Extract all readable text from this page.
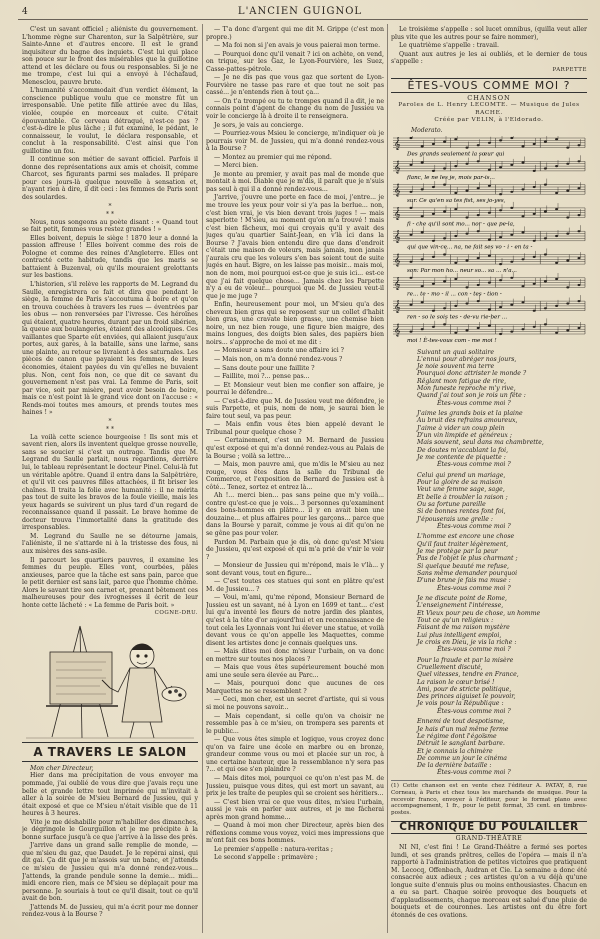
4	L'ANCIEN GUIGNOL

C'est un savant officiel ; aliéniste du gouvernement. L'homme règne sur Charenton, sur la Salpêtrière, sur Sainte-Anne et d'autres encore. Il est le grand inquisiteur du bagne des inquiets. C'est lui qui place son pouce sur le front des misérables que la guillotine attend et les déclare ou fous ou responsables. Si je ne me trompe, c'est lui qui a envoyé à l'échafaud, Menesclou, pauvre brute.

L'humanité s'accommodait d'un verdict élément, la conscience publique voulu que ce monstre fût un irresponsable. Une petite fille attirée avec du lilas, violée, coupée en morceaux et cuite. C'était épouvantable. Ce cerveau détraqué, n'est-ce pas ? c'est-à-dire le plus lâche ; il fut examiné, le pédant, le connaisseur, le voulut, le déclara responsable, et conclut à la responsabilité. C'est ainsi que l'on guillotine un fou.

Il continue son métier de savant officiel. Parfois il donne des représentations aux amis et choisit, comme Charcot, ses figurants parmi ses malades. Il prépare pour ces jours-là quelque nouvelle à sensation et, n'ayant rien à dire, il dit ceci : les femmes de Paris sont des soulardes.

*
* *

Nous, nous songeons au poète disant : « Quand tout se fait petit, femmes vous restez grandes ! »

Elles boivent, depuis le siège ! 1870 leur a donné la passion affreuse ! Elles boivent comme des rois de Pologne et comme des reines d'Angleterre. Elles ont contracté cette habitude, tandis que les maris se battaient à Buzenval, où qu'ils mouraient grelottants sur les bastions.

L'historien, s'il relève les rapports de M. Legrand du Saulle, enregistrera ce fait et dira que pendant le siège, la femme de Paris s'accoutuma à boire et qu'on en trouva couchées à travers les rues — éventrées par les obus — non renversées par l'ivresse. Ces héroïnes qui étaient, quatre heures, durant par un froid sibérien, la queue aux boulangeries, étaient des alcooliques. Ces vaillantes que Sparte eût enviées, qui allaient jusqu'aux portes, aux gares, à la bataille, sans une larme, sans une plainte, au retour se livraient à des saturnales. Les pièces de canon que payaient les femmes, de leurs économies, étaient payées du vin qu'elles ne buvaient plus. Non, cent fois non, ce que dit ce savant du gouvernement n'est pas vrai. La femme de Paris, soit par vice, soit par misère, peut avoir besoin de boire, mais ce n'est point là le grand vice dont on l'accuse : « Rends-moi toutes mes amours, et prends toutes mes haines ! »

*
* *

La voilà cette science bourgeoise ! Ils sont mis et savent rien, alors ils inventent quelque grosse nouvelle, sans se soucier si c'est un outrage. Tandis que M. Legrand du Saulle parlait, nous regardions, derrière lui, le tableau représentant le docteur Pinel. Celui-là fut un véritable apôtre. Quand il entra dans la Salpêtrière, et qu'il vit ces pauvres filles attachées, il fit briser les chaînes. Il traita la folie avec humanité : il ne mérita pas tout de suite les bravos de la foule vieille, mais les yeux hagards se suivirent un plus tard d'un regard de reconnaissance quand il passait. Le brave homme de docteur trouva l'immortalité dans la gratitude des irresponsables.

M. Legrand du Saulle ne se détourne jamais, l'aliéniste, il ne s'attarde ni à la tristesse des fous, ni aux misères des sans-asile.

Il parcourt les quartiers pauvres, il examine les femmes du peuple. Elles vont, courbées, pâles anxieuses, parce que la tâche est sans pain, parce que le petit dernier est sans lait, parce que l'homme chôme. Alors le savant tire son carnet et, prenant bêtement ces malheureuses pour des ivrognesses il écrit de leur honte cette lâcheté : « La femme de Paris boit. »

COGNE-DRU.
A TRAVERS LE SALON

Mon cher Directeur,

Hier dans ma précipitation de vous envoyer ma pommade, j'ai oublié de vous dire que j'avais reçu une belle et grande lettre tout imprimée qui m'invitait à aller à la soirée de M'sieu Bernard de Jussieu, qui y était exposé et que ce M'sieu n'était visible que de 11 heures à 3 heures.

Vite je me déshabille pour m'habiller des dimanches, je dégringole le Gourguillon et je me précipite à la bonne surface jusqu'à ce que j'arrive à la lisse des prés.

J'arrive dans un grand salle remplie de monde, — que m'sieu du gaz, que Daudet. Je le repérai ainsi, qui dit gai. Ça dit que je m'assois sur un banc, et j'attends ce m'sieu de Jussieu qui m'a donné rendez-vous... J'attends, la grande pendule sonne la demie... midi... midi encore rien, mais ce M'sieu se déplaçait pour ma personne. Je souriais à tout ce qu'il disait, tout ce qu'il avait de bon.

J'attends M. de Jussieu, qui m'a écrit pour me donner rendez-vous à la Bourse ?

— T'a donc d'argent qui me dit M. Grippe (c'est mon propre.)

— Ma foi non si j'en avais je vous paierai mon terme.

— Pourquoi donc qu'il venait ? ici on achète, on vend, on trique, sur les Gaz, le Lyon-Fourvière, les Suez, Casse-pattes-pétrole.

— Je ne dis pas que vous gaz que sortent de Lyon-Fourvière ne tasse pas rare et que tout ne soit pas cassé... je n'entends rien à tout ça...

— On t'a trompé ou tu te trompes quand il a dit, je ne connais point d'agent de change du nom de Jussieu va voir le concierge là à droite il te renseignera.

Je sors, je vais au concierge.

— Pourriez-vous Msieu le concierge, m'indiquer où je pourrais voir M. de Jussieu, qui m'a donné rendez-vous à la Bourse ?

— Montez au premier qui me répond.

— Merci bien.

Je monte au premier, y avait pas mal de monde que montait à moi. Diable que je m'dis, il paraît que je n'suis pas seul à qui il a donné rendez-vous...

J'arrive, j'ouvre une porte en face de moi, j'entre... je me trouve les yeux pour voir si y'a pas la berlue... non, c'est bien vrai, je vis bien devant trois juges ! — mais saperlotte ! M'sieu, au moment qu'on m'a trouvé ! mais c'est bien fâcheux, moi qui croyais qu'il y avait des juges qu'au quartier Saint-Jean, en v'là ici dans la Bourse ? J'avais bien entendu dire que dans d'endroit c'était une maison de voleurs, mais jamais, mon janais j'aurais cru que les voleurs s'en bas soient tout de suite jugés en haut. Bigre, on les laisse pas moisir... mais moi, non de nom, moi pourquoi est-ce que je suis ici... est-ce que j'ai fait quelque chose... Jamais chez les Parpette n'y a eu de voleur... pourquoi que M. de Jussieu veut-il que je me juge ?

Enfin, heureusement pour moi, un M'sieu qu'a des cheveux bien gras qui se reposent sur un collet d'habit bien gras, une cravate bien grasse, une chemise bien noire, un nez bien rouge, une figure bien maigre, des mains longues, des doigts bien sales, des papiers bien noirs... s'approche de moi et me dit :

— Monsieur a sans doute une affaire ici ?

— Mais non, on m'a donné rendez-vous ?

— Sans doute pour une faillite ?

— Faillite, moi ?... pense pas...

— Et Monsieur veut bien me confier son affaire, je pourrai le défendre...

— C'est-à-dire que M. de Jussieu veut me défendre, je suis Parpette, et puis, nom de nom, je saurai bien le faire tout seul, va pas peur.

— Mais enfin vous êtes bien appelé devant le Tribunal pour quelque chose ?

— Certainement, c'est un M. Bernard de Jussieu qu'est exposé et qui m'a donné rendez-vous au Palais de la Bourse ; voilà sa lettre...

— Mais, mon pauvre ami, que m'dis le M'sieu au nez rouge, vous êtes dans la salle du Tribunal de Commerce, et l'exposition de Bernard de Jussieu est à côté... Tenez, sortez et entrez là...

Ah !... merci bien... pas sans peine que m'y voilà... contre qu'est-ce que je vois... 3 personnes qu'examinent des bons-hommes en plâtre... il y en avait bien une douzaine... et plus affaires pour les garçons... parce que dans la Bourse y parait, comme je vous ai dit qu'on ne se gêne pas pour voler.

Pardon M. Parbain que je dis, où donc qu'est M'sieu de Jussieu, qu'est exposé et qui m'a prié de v'nir le voir ?

— Monsieur de Jussieu qui m'répond, mais le v'là... y sont devant vous, tout en figure...

— C'est toutes ces statues qui sont en plâtre qu'est M. de Jussieu... ?

— Voui, m'ami, qu'me répond, Monsieur Bernard de Jussieu est un savant, né à Lyon en 1699 et tant... c'est lui qu'a inventé les fleurs de notre jardin des plantes, qu'est à la tête d'or aujourd'hui et en reconnaissance de tout cela les Lyonnais vont lui élever une statue, et voilà devant vous ce qu'on appelle les Maquettes, comme disent les artistes donc je connais quelques uns.

— Mais dites moi donc m'sieur l'urbain, on va donc en mettre sur toutes nos places ?

— Mais que vous êtes supérieurement bouché mon ami une seule sera élevée au Parc...

— Mais, pourquoi donc que aucunes de ces Marquettes ne se ressemblent ?

— Ceci, mon cher, est un secret d'artiste, qui si vous si moi ne pouvons savoir...

— Mais cependant, si celle qu'on va choisir ne ressemble pas à ce m'sieu, on trompera ses parents et le public...

— Que vous êtes simple et logique, vous croyez donc qu'on va faire une école en marbre ou en bronze, grandeur comme vous ou moi et placée sur un roc, à une certaine hauteur, que la ressemblance n'y sera pas ?... et qui ose s'en plaindre ?

— Mais dites moi, pourquoi ce qu'on n'est pas M. de Jussieu, puisque vous dites, qui est mort un savant, au prix je les traite de peuples qui se croient ses héritiers...

— C'est bien vrai ce que vous dites, m'sieu l'urbain, aussi je vais en parler aux autres, et je me fâcherai après mon grand homme...

— Quand à moi mon cher Directeur, après bien des réflexions comme vous voyez, voici mes impressions que m'ont fait ces bons hommes.

Le premier s'appelle : natura-veritas ;

Le second s'appelle : primavère ;

Le troisième s'appelle : sol lucet omnibus, (quilla veut aller plus vite que les autres pour se faire nommer),

Le quatrième s'appelle : travail.

Quant aux autres je les ai oubliés, et le dernier de tous s'appelle :

PARPETTE
ÊTES-VOUS COMME MOI ?
CHANSON
Paroles de L. Henry LECOMTE. — Musique de Jules RACHE.
Créée par VELIN, à l'Eldorado.
Moderato.
𝄞
Des grands seulement la sœur qui
𝄞
flanc, le ne les je, mois par-is...
𝄞
sur. Ce qu'en sa tes fist, ses jo-yes,
𝄞
fi - che qu'il sont mo... nor - que pe-la,
𝄞
qui que vin-ce... na, ne fait ses vo - i - en ta -
𝄞
son: Par mon ho... neur so... sa ... n'a...
𝄞
re... te - mo - il ... con - tes - tion -
𝄞
ren - so le sois tes - de-vu rie-ber ...
𝄞
moi ! È-tes-vous com - me moi !
Suivant un quai solitaire
L'ennui pour abréger nos jours,
Je noie souvent ma terre
Pourquoi donc attrister le monde ?
Rêglant mon fatigue de rire,
Mon funeste reproche m'y rive,
Quand j'ai tout son je rois un fête :
Êtes-vous comme moi ?
J'aime les grands bois et la plaine
Au bruit des refrains amoureux,
J'aime à vider un coup plein
D'un vin limpide et généreux ;
Mais souvent, seul dans ma chambrette,
De doutes m'accablant la foi,
Je me contente de piquette :
Êtes-vous comme moi ?
Celui qui prend un mariage,
Pour la gloire de sa maison
Veut une femme sage, sage,
Et belle à troubler la raison ;
Ou sa fortune pareille
Si de bonnes rentes font foi,
J'épouserais une grelle :
Êtes-vous comme moi ?
L'homme est encore une chose
Qu'il faut traiter légèrement,
Je me protège par la peur
Pas de l'objet le plus charmant ;
Si quelque beauté me refuse,
Sans même demander pourquoi
D'une brune je fais ma muse :
Êtes-vous comme moi ?
Je ne discute point de Rome,
L'enseignement l'intéresse,
Et Vieux pour peu de chose, un homme
Tout ce qu'un religieux :
Faisant de ma raison mystère
Lui plus intelligent emploi,
Je crois en Dieu, je vis la riche :
Êtes-vous comme moi ?
Pour la fraude et par la misère
Cruellement discuté,
Quel vitesses, tendre en France,
La raison le cœur brisé !
Ami, pour de stricte politique,
Des princes aiguiset le pouvoir,
Je vois pour la République :
Êtes-vous comme moi ?
Ennemi de tout despotisme,
Je hais d'un mal même ferme
Le régime dont l'égoïsme
Détruit le sanglant barbare.
Et je connais la chimère
De comme un jour le cinéma
De la dernière bataille :
Êtes-vous comme moi ?

(1) Cette chanson est en vente chez l'éditeur A. PATAY, 8, rue Corneau, à Paris et chez tous les marchands de musique. Pour la recevoir franco, envoyer à l'éditeur, pour le format plano avec accompagnement, 1 fr., pour le petit format, 35 cent. en timbres-postes.

CHRONIQUE DU POULAILLER
GRAND-THÉÂTRE

NI NI, c'est fini ! Le Grand-Théâtre a fermé ses portes lundi, et ses grands prêtres, celles de l'opéra — mais il n'a rapporté à l'administration de petites victoires que pratiquent M. Lecocq, Offenbach, Audran et Cie. La semaine a donc été consacrée aux adieux ; ces artistes qu'on a vu déjà qu'une longue suite d'ennuis plus ou moins enthousiastes. Chacun en a eu sa part. Chaque soirée provoque des bouquets et d'applaudissements, chaque morceau est salué d'une pluie de bouquets et de couronnes. Les artistes ont du être fort étonnés de ces ovations.
